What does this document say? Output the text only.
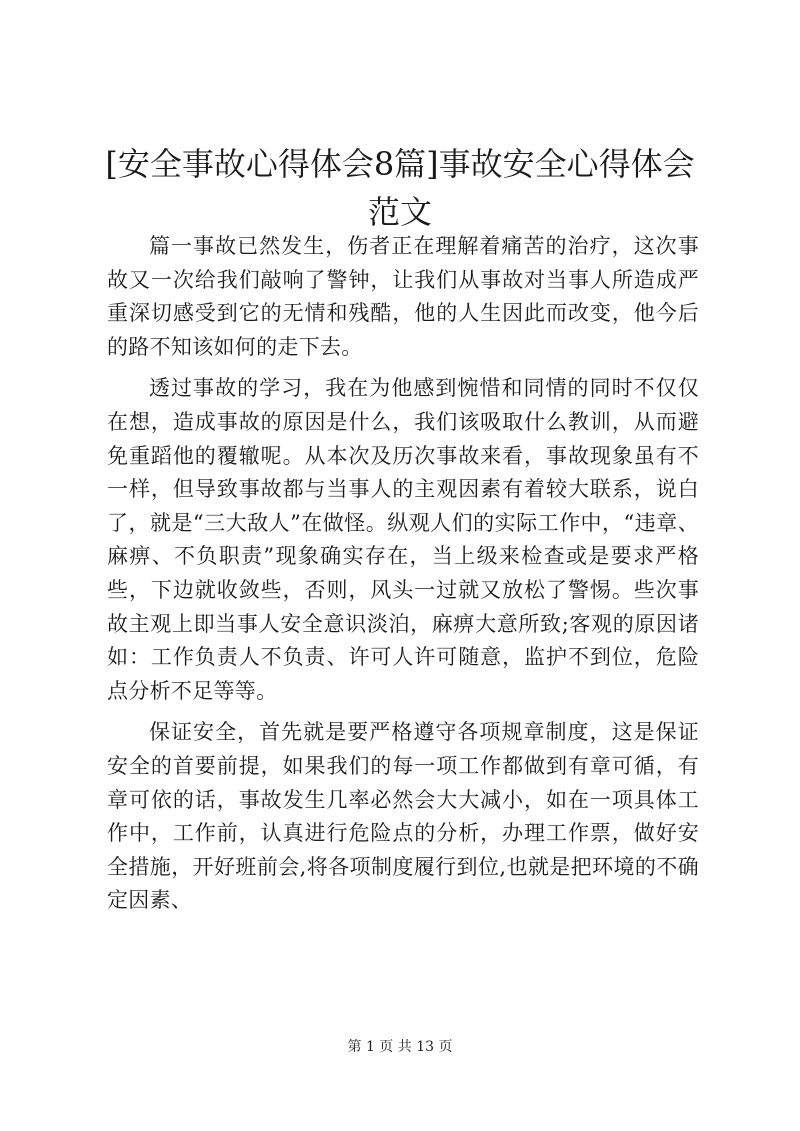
[安全事故心得体会8篇]事故安全心得体会范文

篇一事故已然发生，伤者正在理解着痛苦的治疗，这次事故又一次给我们敲响了警钟，让我们从事故对当事人所造成严重深切感受到它的无情和残酷，他的人生因此而改变，他今后的路不知该如何的走下去。

透过事故的学习，我在为他感到惋惜和同情的同时不仅仅在想，造成事故的原因是什么，我们该吸取什么教训，从而避免重蹈他的覆辙呢。从本次及历次事故来看，事故现象虽有不一样，但导致事故都与当事人的主观因素有着较大联系，说白了，就是“三大敌人”在做怪。纵观人们的实际工作中，“违章、麻痹、不负职责”现象确实存在，当上级来检查或是要求严格些，下边就收敛些，否则，风头一过就又放松了警惕。些次事故主观上即当事人安全意识淡泊，麻痹大意所致;客观的原因诸如：工作负责人不负责、许可人许可随意，监护不到位，危险点分析不足等等。

保证安全，首先就是要严格遵守各项规章制度，这是保证安全的首要前提，如果我们的每一项工作都做到有章可循，有章可依的话，事故发生几率必然会大大减小，如在一项具体工作中，工作前，认真进行危险点的分析，办理工作票，做好安全措施，开好班前会,将各项制度履行到位,也就是把环境的不确定因素、

第 1 页 共 13 页
